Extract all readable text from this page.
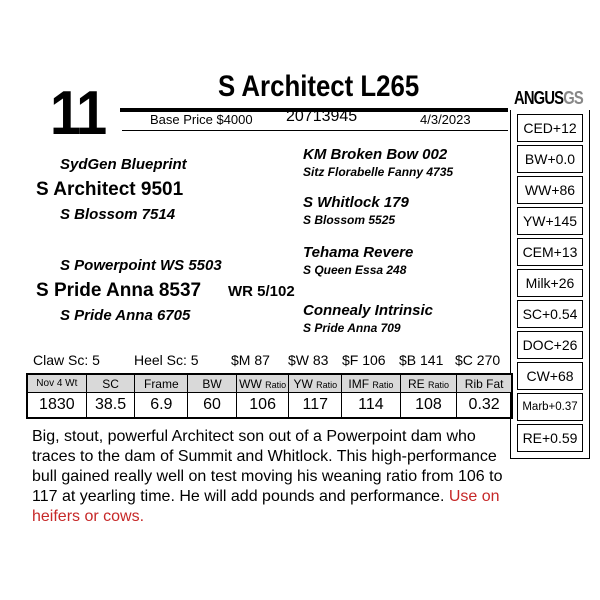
11	S Architect L265
Base Price $4000 20713945	4/3/2023
SydGen Blueprint
S Architect 9501
S Blossom 7514
S Powerpoint WS 5503
S Pride Anna 8537 WR 5/102
S Pride Anna 6705
KM Broken Bow 002
Sitz Florabelle Fanny 4735
S Whitlock 179
S Blossom 5525
Tehama Revere
S Queen Essa 248
Connealy Intrinsic
S Pride Anna 709
Claw Sc: 5 Heel Sc: 5 $M 87 $W 83 $F 106 $B 141 $C 270
ANGUSGS
CED+12
BW+0.0
WW+86
YW+145
CEM+13
Milk+26
SC+0.54
DOC+26
CW+68
Marb+0.37
RE+0.59
Nov 4 Wt	SC	Frame	BW	WW Ratio	YW Ratio	IMF Ratio	RE Ratio	Rib Fat
1830	38.5	6.9	60	106	117	114	108	0.32
Big, stout, powerful Architect son out of a Powerpoint dam who traces to the dam of Summit and Whitlock. This high-performance bull gained really well on test moving his weaning ratio from 106 to 117 at yearling time. He will add pounds and performance. Use on heifers or cows.
